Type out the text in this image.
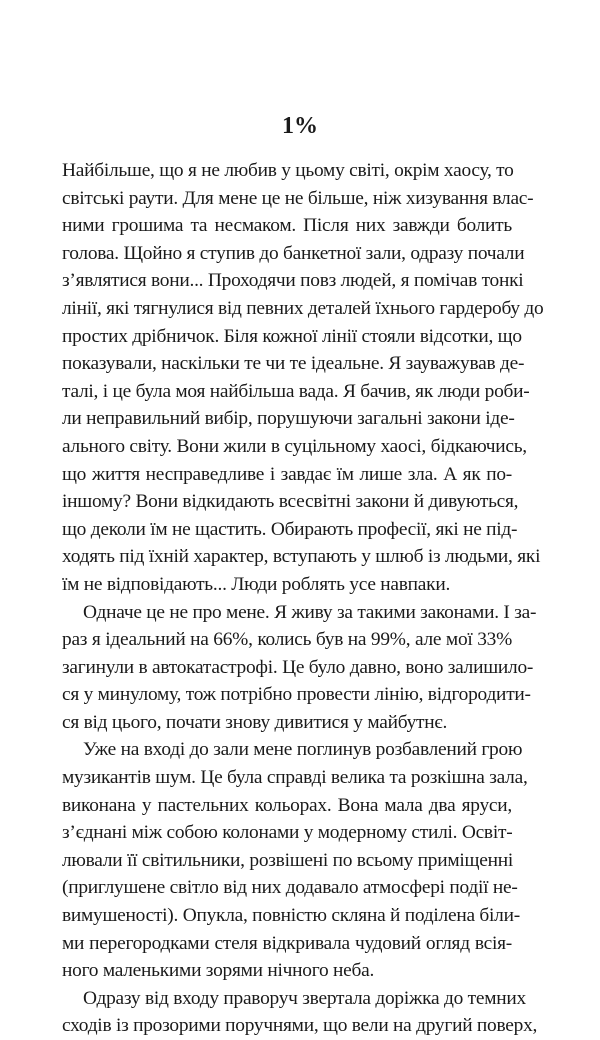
1%
Найбільше, що я не любив у цьому світі, окрім хаосу, то
світські раути. Для мене це не більше, ніж хизування влас-
ними грошима та несмаком. Після них завжди болить
голова. Щойно я ступив до банкетної зали, одразу почали
з’являтися вони... Проходячи повз людей, я помічав тонкі
лінії, які тягнулися від певних деталей їхнього гардеробу до
простих дрібничок. Біля кожної лінії стояли відсотки, що
показували, наскільки те чи те ідеальне. Я зауважував де-
талі, і це була моя найбільша вада. Я бачив, як люди роби-
ли неправильний вибір, порушуючи загальні закони іде-
ального світу. Вони жили в суцільному хаосі, бідкаючись,
що життя несправедливе і завдає їм лише зла. А як по-
іншому? Вони відкидають всесвітні закони й дивуються,
що деколи їм не щастить. Обирають професії, які не під-
ходять під їхній характер, вступають у шлюб із людьми, які
їм не відповідають... Люди роблять усе навпаки.
Одначе це не про мене. Я живу за такими законами. І за-
раз я ідеальний на 66%, колись був на 99%, але мої 33%
загинули в автокатастрофі. Це було давно, воно залишило-
ся у минулому, тож потрібно провести лінію, відгородити-
ся від цього, почати знову дивитися у майбутнє.
Уже на вході до зали мене поглинув розбавлений грою
музикантів шум. Це була справді велика та розкішна зала,
виконана у пастельних кольорах. Вона мала два яруси,
з’єднані між собою колонами у модерному стилі. Освіт-
лювали її світильники, розвішені по всьому приміщенні
(приглушене світло від них додавало атмосфері події не-
вимушеності). Опукла, повністю скляна й поділена біли-
ми перегородками стеля відкривала чудовий огляд всія-
ного маленькими зорями нічного неба.
Одразу від входу праворуч звертала доріжка до темних
сходів із прозорими поручнями, що вели на другий поверх,
